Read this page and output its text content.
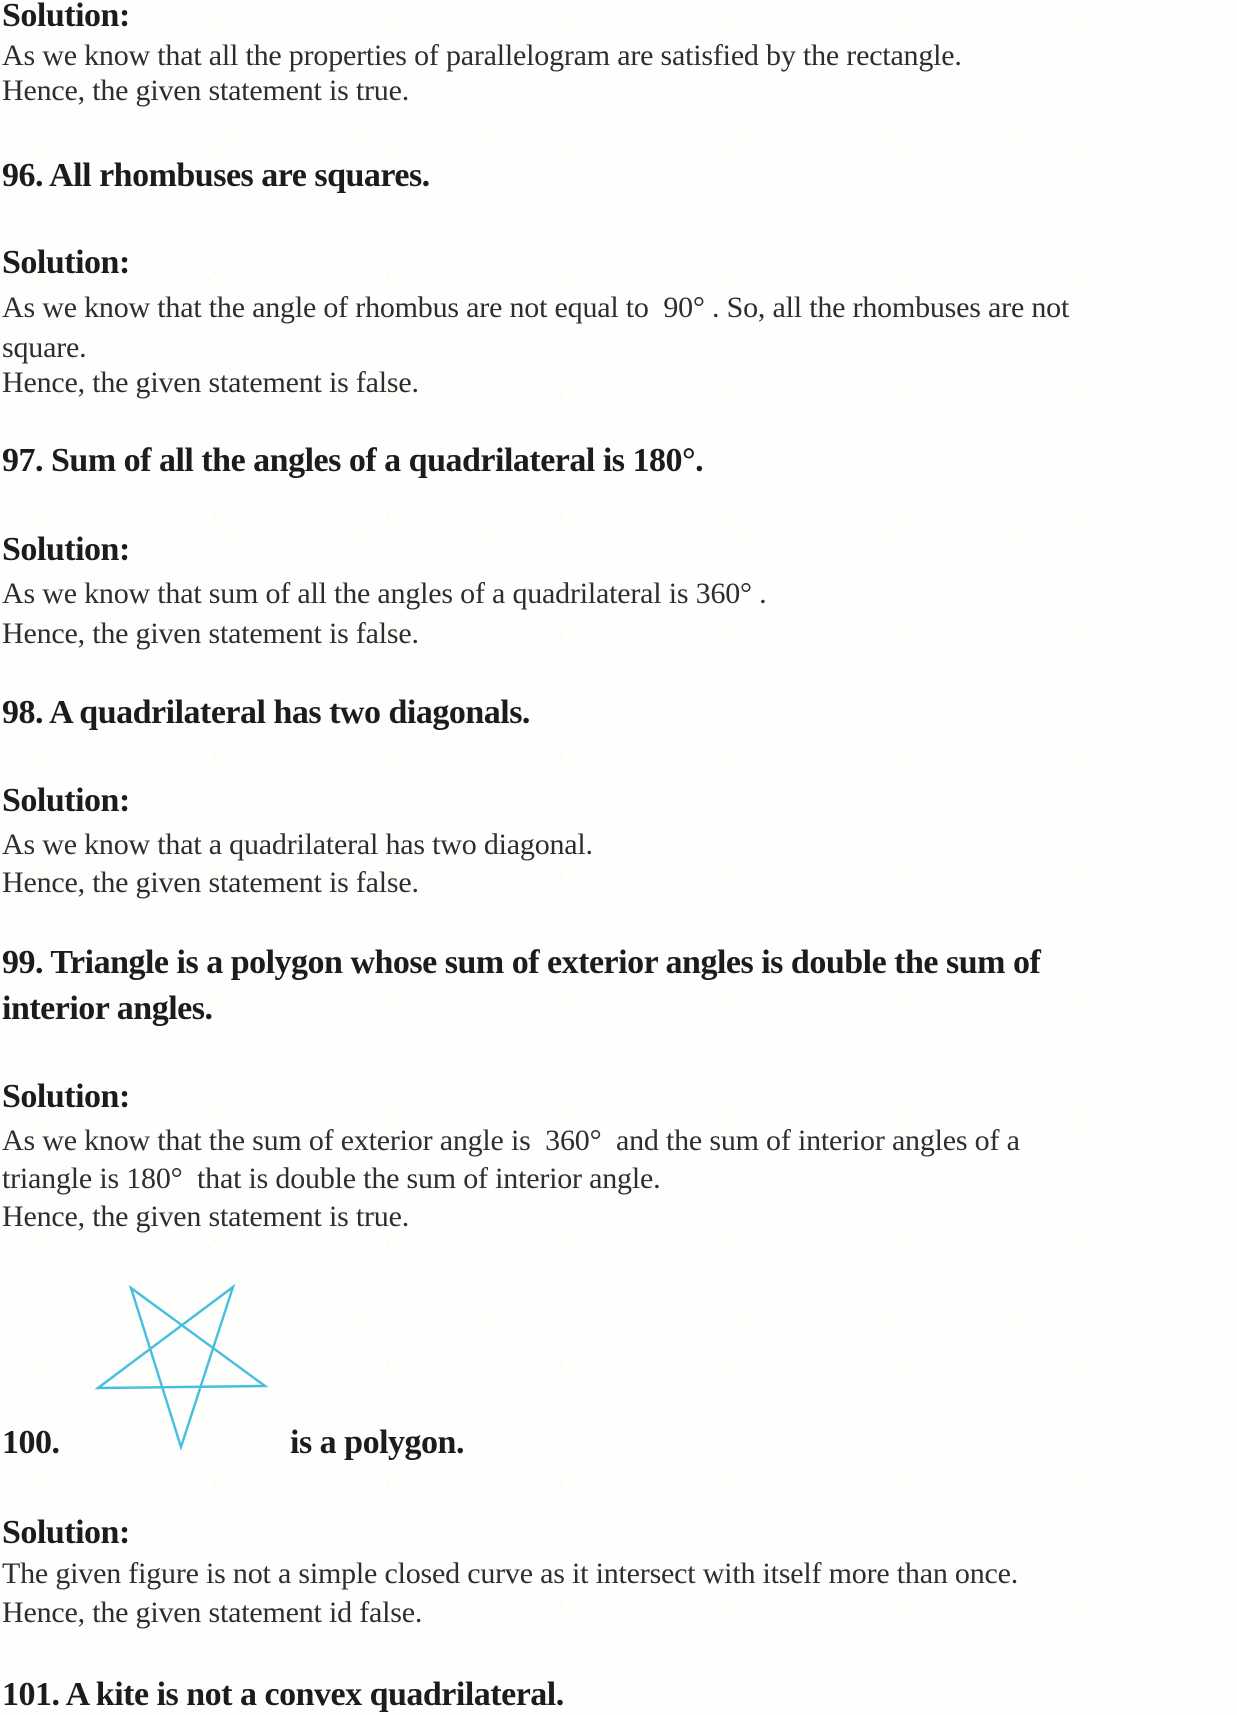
Solution:
As we know that all the properties of parallelogram are satisfied by the rectangle.
Hence, the given statement is true.
96. All rhombuses are squares.
Solution:
As we know that the angle of rhombus are not equal to  90° . So, all the rhombuses are not
square.
Hence, the given statement is false.
97. Sum of all the angles of a quadrilateral is 180°.
Solution:
As we know that sum of all the angles of a quadrilateral is 360° .
Hence, the given statement is false.
98. A quadrilateral has two diagonals.
Solution:
As we know that a quadrilateral has two diagonal.
Hence, the given statement is false.
99. Triangle is a polygon whose sum of exterior angles is double the sum of
interior angles.
Solution:
As we know that the sum of exterior angle is  360°  and the sum of interior angles of a
triangle is 180°  that is double the sum of interior angle.
Hence, the given statement is true.
100.	is a polygon.
Solution:
The given figure is not a simple closed curve as it intersect with itself more than once.
Hence, the given statement id false.
101. A kite is not a convex quadrilateral.
